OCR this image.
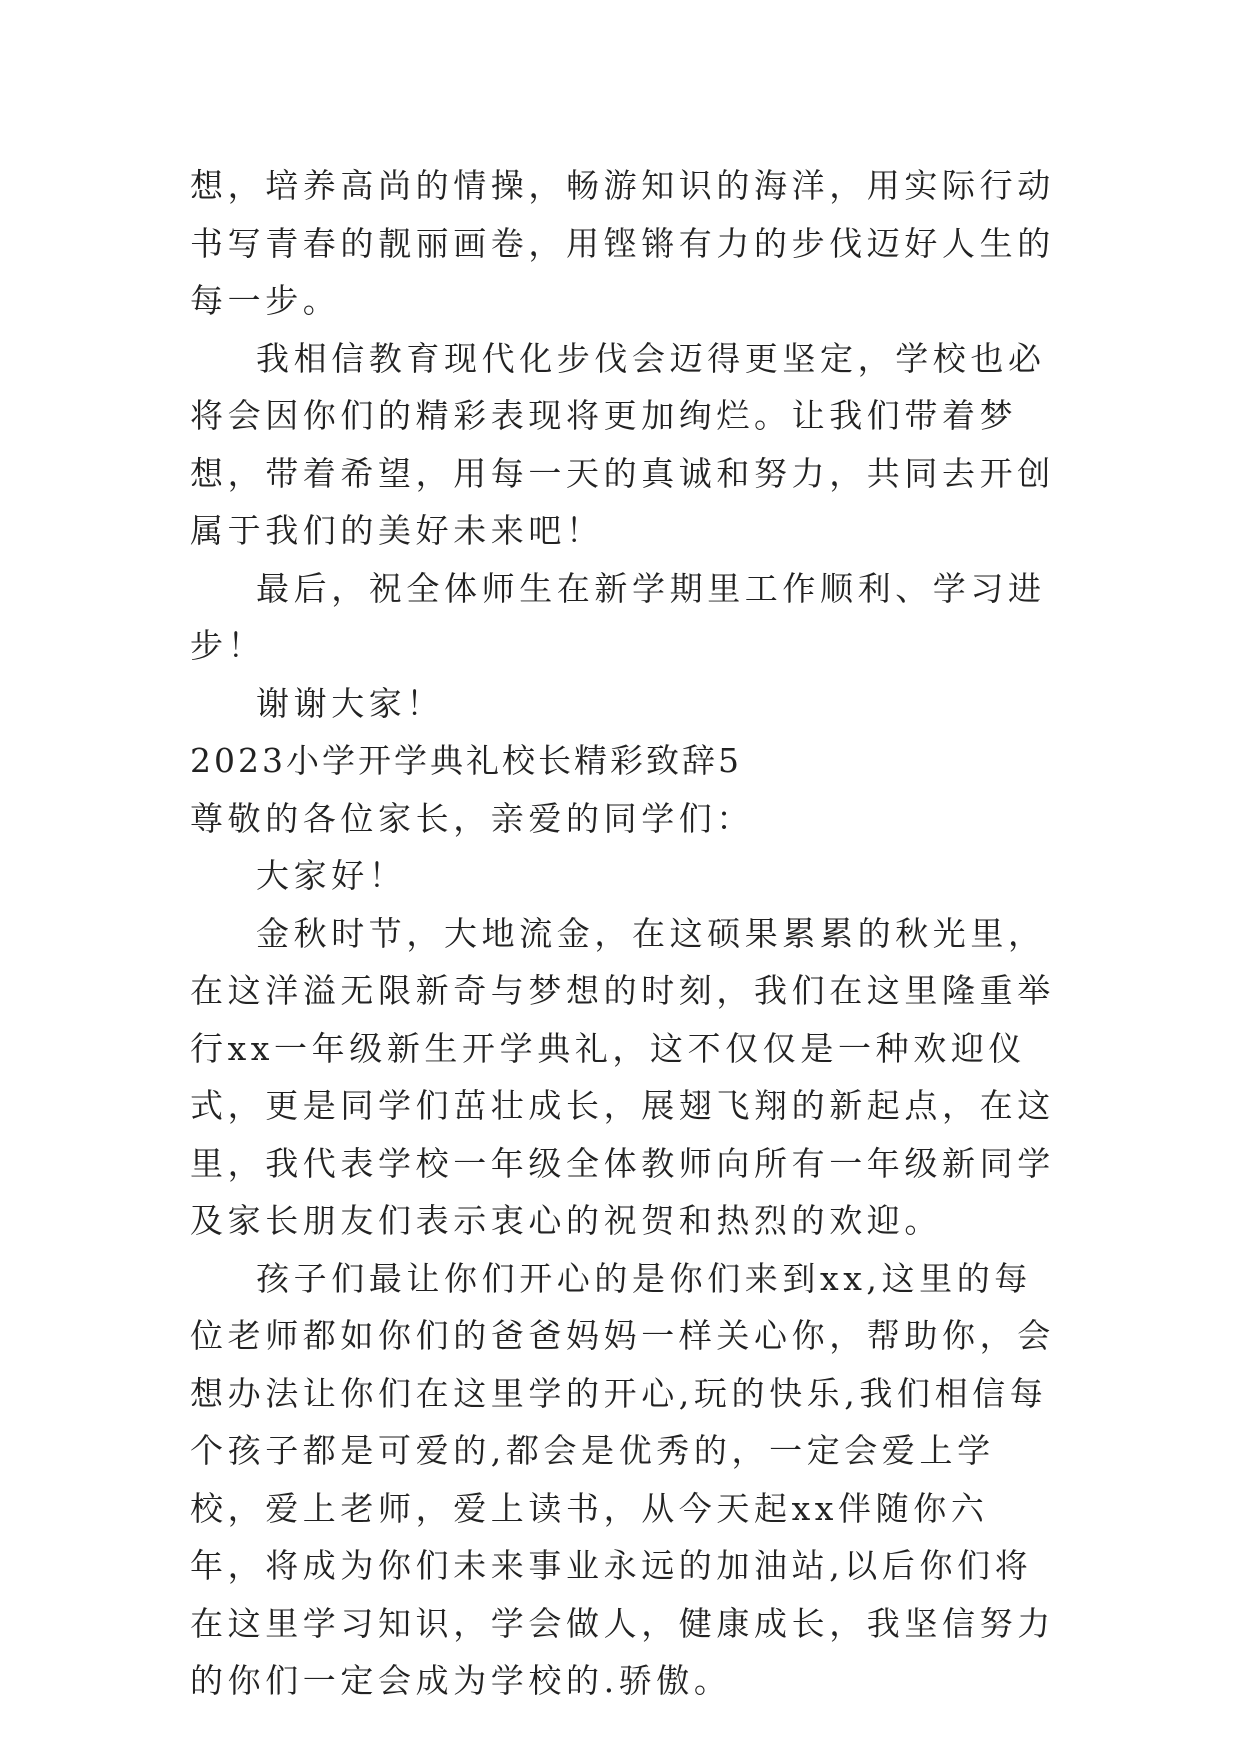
想，培养高尚的情操，畅游知识的海洋，用实际行动书写青春的靓丽画卷，用铿锵有力的步伐迈好人生的每一步。

我相信教育现代化步伐会迈得更坚定，学校也必将会因你们的精彩表现将更加绚烂。让我们带着梦想，带着希望，用每一天的真诚和努力，共同去开创属于我们的美好未来吧！

最后，祝全体师生在新学期里工作顺利、学习进步！

谢谢大家！

2023小学开学典礼校长精彩致辞5

尊敬的各位家长，亲爱的同学们：

大家好！

金秋时节，大地流金，在这硕果累累的秋光里，在这洋溢无限新奇与梦想的时刻，我们在这里隆重举行xx一年级新生开学典礼，这不仅仅是一种欢迎仪式，更是同学们茁壮成长，展翅飞翔的新起点，在这里，我代表学校一年级全体教师向所有一年级新同学及家长朋友们表示衷心的祝贺和热烈的欢迎。

孩子们最让你们开心的是你们来到xx,这里的每位老师都如你们的爸爸妈妈一样关心你，帮助你，会想办法让你们在这里学的开心,玩的快乐,我们相信每个孩子都是可爱的,都会是优秀的，一定会爱上学校，爱上老师，爱上读书，从今天起xx伴随你六年，将成为你们未来事业永远的加油站,以后你们将在这里学习知识，学会做人，健康成长，我坚信努力的你们一定会成为学校的.骄傲。
